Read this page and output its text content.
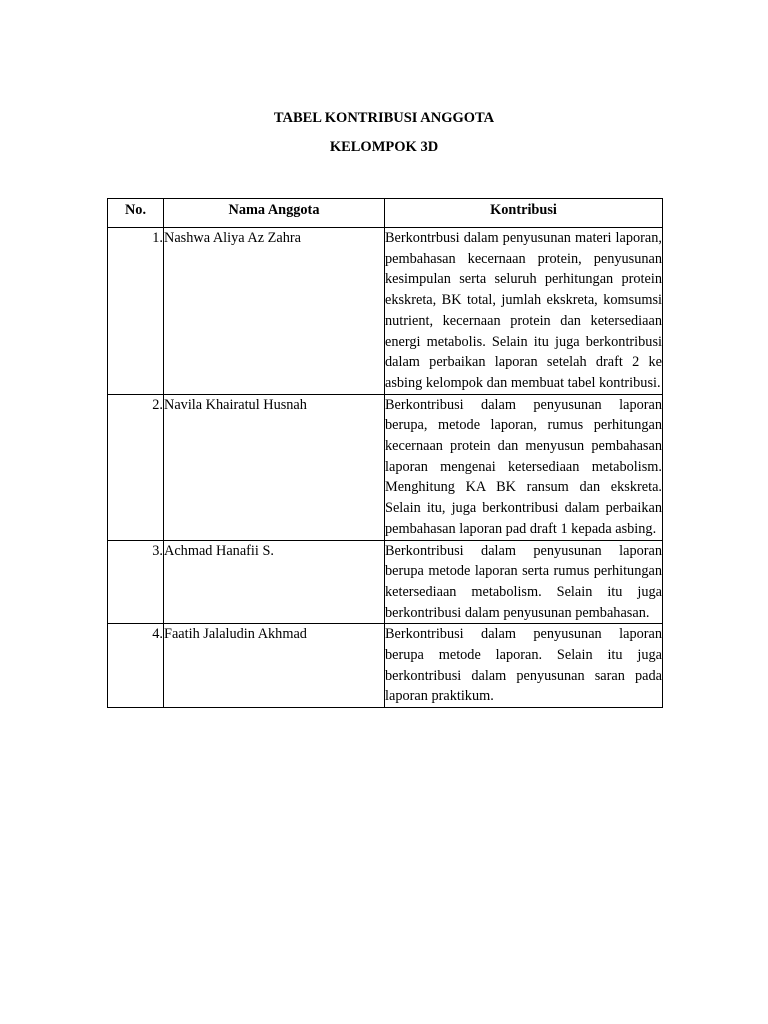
TABEL KONTRIBUSI ANGGOTA
KELOMPOK 3D
No.	Nama Anggota	Kontribusi
1.	Nashwa Aliya Az Zahra	Berkontrbusi dalam penyusunan materi laporan, pembahasan kecernaan protein, penyusunan kesimpulan serta seluruh perhitungan protein ekskreta, BK total, jumlah ekskreta, komsumsi nutrient, kecernaan protein dan ketersediaan energi metabolis. Selain itu juga berkontribusi dalam perbaikan laporan setelah draft 2 ke asbing kelompok dan membuat tabel kontribusi.
2.	Navila Khairatul Husnah	Berkontribusi dalam penyusunan laporan berupa, metode laporan, rumus perhitungan kecernaan protein dan menyusun pembahasan laporan mengenai ketersediaan metabolism. Menghitung KA BK ransum dan ekskreta. Selain itu, juga berkontribusi dalam perbaikan pembahasan laporan pad draft 1 kepada asbing.
3.	Achmad Hanafii S.	Berkontribusi dalam penyusunan laporan berupa metode laporan serta rumus perhitungan ketersediaan metabolism. Selain itu juga berkontribusi dalam penyusunan pembahasan.
4.	Faatih Jalaludin Akhmad	Berkontribusi dalam penyusunan laporan berupa metode laporan. Selain itu juga berkontribusi dalam penyusunan saran pada laporan praktikum.
